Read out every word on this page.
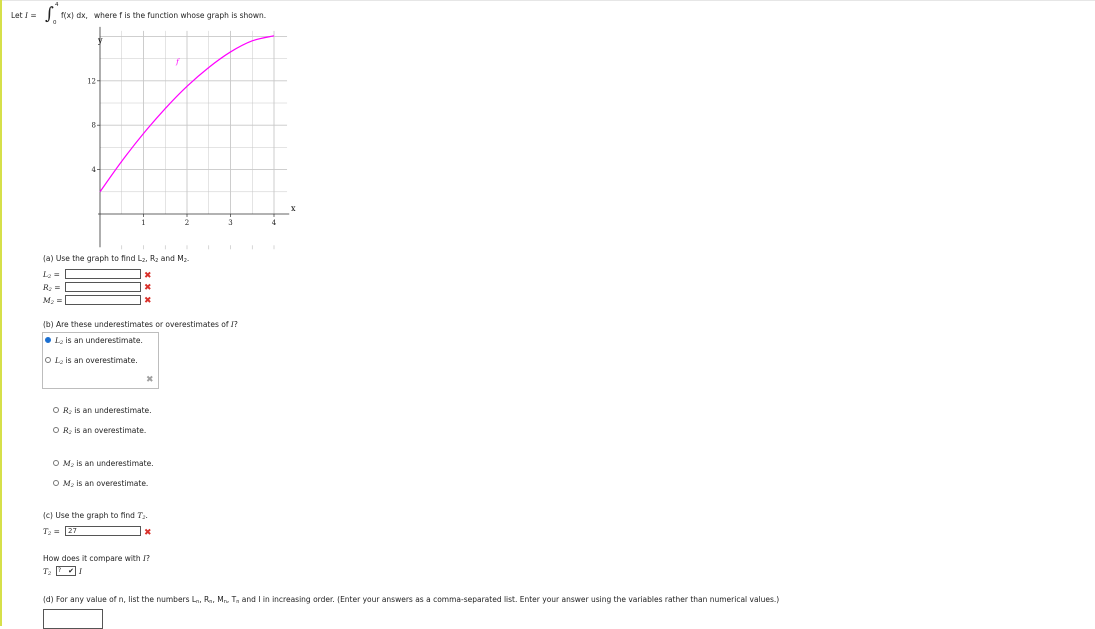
Let I = ∫ 4
0
f(x) dx, where f is the function whose graph is shown.
4
8
12
1	2	3	4
y
x
f
(a) Use the graph to find $L_2$, $R_2$ and $M_2$.
$L_2$ =	✖
$R_2$ =	✖
$M_2$ =	✖
(b) Are these underestimates or overestimates of I?
$L_2$ is an underestimate.
$L_2$ is an overestimate.
✖
$R_2$ is an underestimate.
$R_2$ is an overestimate.
$M_2$ is an underestimate.
$M_2$ is an overestimate.
(c) Use the graph to find $T_2$.
$T_2$ =	27	✖
How does it compare with I?
$T_2$	? ✔ I
(d) For any value of n, list the numbers $L_n$, $R_n$, $M_n$, $T_n$ and I in increasing order. (Enter your answers as a comma-separated list. Enter your answer using the variables rather than numerical values.)
